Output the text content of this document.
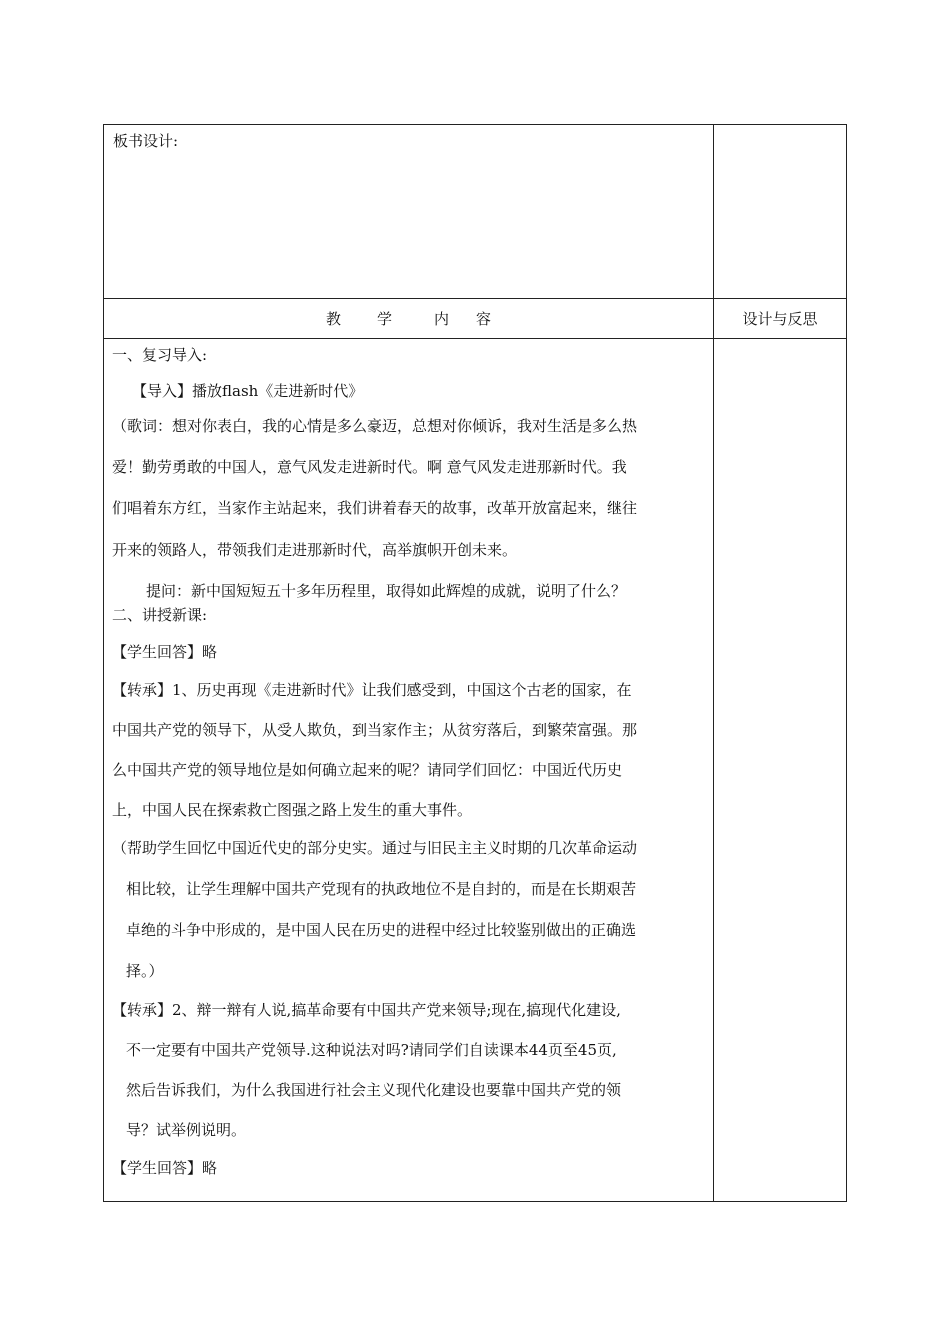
板书设计:
教 学	内 容	设计与反思
一、复习导入:
【导入】播放flash《走进新时代》
（歌词：想对你表白，我的心情是多么豪迈，总想对你倾诉，我对生活是多么热
爱！勤劳勇敢的中国人，意气风发走进新时代。啊 意气风发走进那新时代。我
们唱着东方红，当家作主站起来，我们讲着春天的故事，改革开放富起来，继往
开来的领路人，带领我们走进那新时代，高举旗帜开创未来。
提问：新中国短短五十多年历程里，取得如此辉煌的成就，说明了什么？
二、讲授新课:
【学生回答】略
【转承】1、历史再现《走进新时代》让我们感受到，中国这个古老的国家，在
中国共产党的领导下，从受人欺负，到当家作主；从贫穷落后，到繁荣富强。那
么中国共产党的领导地位是如何确立起来的呢？请同学们回忆：中国近代历史
上，中国人民在探索救亡图强之路上发生的重大事件。
（帮助学生回忆中国近代史的部分史实。通过与旧民主主义时期的几次革命运动
相比较，让学生理解中国共产党现有的执政地位不是自封的，而是在长期艰苦
卓绝的斗争中形成的，是中国人民在历史的进程中经过比较鉴别做出的正确选
择。）
【转承】2、辩一辩有人说,搞革命要有中国共产党来领导;现在,搞现代化建设,
不一定要有中国共产党领导.这种说法对吗?请同学们自读课本44页至45页,
然后告诉我们，为什么我国进行社会主义现代化建设也要靠中国共产党的领
导？试举例说明。
【学生回答】略
